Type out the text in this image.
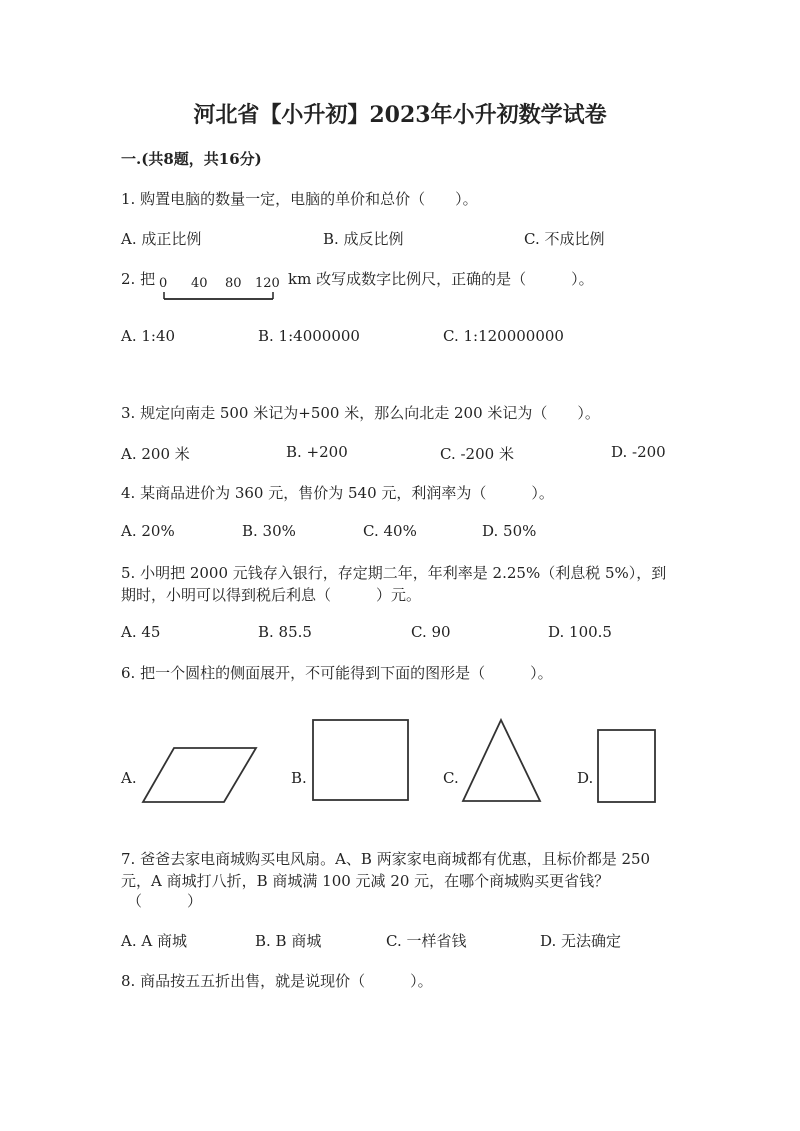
河北省【小升初】2023年小升初数学试卷
一.(共8题，共16分)
1. 购置电脑的数量一定，电脑的单价和总价（　　）。
A. 成正比例	B. 成反比例	C. 不成比例
2. 把 0 40 80 120 km 改写成数字比例尺，正确的是（　　　）。
A. 1:40	B. 1:4000000	C. 1:120000000
3. 规定向南走 500 米记为+500 米，那么向北走 200 米记为（　　）。
A. 200 米	B. +200	C. -200 米	D. -200
4. 某商品进价为 360 元，售价为 540 元，利润率为（　　　）。
A. 20%	B. 30%	C. 40%	D. 50%
5. 小明把 2000 元钱存入银行，存定期二年，年利率是 2.25%（利息税 5%），到
期时，小明可以得到税后利息（　　　）元。
A. 45	B. 85.5	C. 90	D. 100.5
6. 把一个圆柱的侧面展开，不可能得到下面的图形是（　　　）。
A.	B.	C.	D.
7. 爸爸去家电商城购买电风扇。A、B 两家家电商城都有优惠，且标价都是 250
元，A 商城打八折，B 商城满 100 元减 20 元，在哪个商城购买更省钱？
（　　　）
A. A 商城	B. B 商城	C. 一样省钱	D. 无法确定
8. 商品按五五折出售，就是说现价（　　　）。
